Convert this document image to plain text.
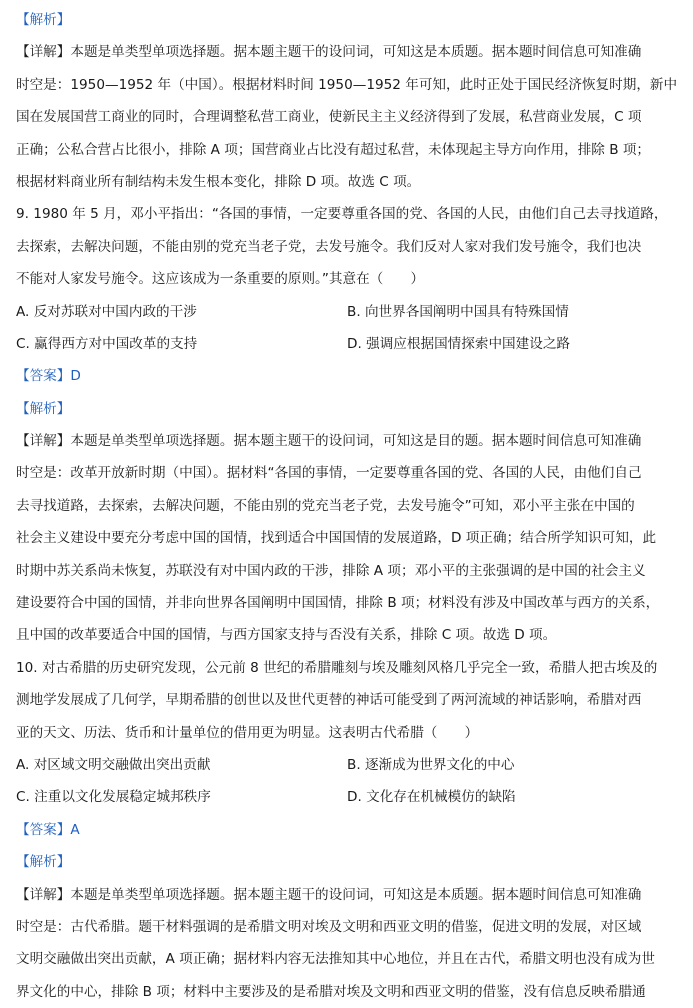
【解析】
【详解】本题是单类型单项选择题。据本题主题干的设问词，可知这是本质题。据本题时间信息可知准确
时空是：1950—1952 年（中国）。根据材料时间 1950—1952 年可知，此时正处于国民经济恢复时期，新中
国在发展国营工商业的同时，合理调整私营工商业，使新民主主义经济得到了发展，私营商业发展，C 项
正确；公私合营占比很小，排除 A 项；国营商业占比没有超过私营，未体现起主导方向作用，排除 B 项；
根据材料商业所有制结构未发生根本变化，排除 D 项。故选 C 项。
9. 1980 年 5 月，邓小平指出：“各国的事情，一定要尊重各国的党、各国的人民，由他们自己去寻找道路，
去探索，去解决问题，不能由别的党充当老子党，去发号施令。我们反对人家对我们发号施令，我们也决
不能对人家发号施令。这应该成为一条重要的原则。”其意在（　　）
A. 反对苏联对中国内政的干涉	B. 向世界各国阐明中国具有特殊国情
C. 赢得西方对中国改革的支持	D. 强调应根据国情探索中国建设之路
【答案】D
【解析】
【详解】本题是单类型单项选择题。据本题主题干的设问词，可知这是目的题。据本题时间信息可知准确
时空是：改革开放新时期（中国）。据材料“各国的事情，一定要尊重各国的党、各国的人民，由他们自己
去寻找道路，去探索，去解决问题，不能由别的党充当老子党，去发号施令”可知，邓小平主张在中国的
社会主义建设中要充分考虑中国的国情，找到适合中国国情的发展道路，D 项正确；结合所学知识可知，此
时期中苏关系尚未恢复，苏联没有对中国内政的干涉，排除 A 项；邓小平的主张强调的是中国的社会主义
建设要符合中国的国情，并非向世界各国阐明中国国情，排除 B 项；材料没有涉及中国改革与西方的关系，
且中国的改革要适合中国的国情，与西方国家支持与否没有关系，排除 C 项。故选 D 项。
10. 对古希腊的历史研究发现，公元前 8 世纪的希腊雕刻与埃及雕刻风格几乎完全一致，希腊人把古埃及的
测地学发展成了几何学，早期希腊的创世以及世代更替的神话可能受到了两河流域的神话影响，希腊对西
亚的天文、历法、货币和计量单位的借用更为明显。这表明古代希腊（　　）
A. 对区域文明交融做出突出贡献	B. 逐渐成为世界文化的中心
C. 注重以文化发展稳定城邦秩序	D. 文化存在机械模仿的缺陷
【答案】A
【解析】
【详解】本题是单类型单项选择题。据本题主题干的设问词，可知这是本质题。据本题时间信息可知准确
时空是：古代希腊。题干材料强调的是希腊文明对埃及文明和西亚文明的借鉴，促进文明的发展，对区域
文明交融做出突出贡献，A 项正确；据材料内容无法推知其中心地位，并且在古代，希腊文明也没有成为世
界文化的中心，排除 B 项；材料中主要涉及的是希腊对埃及文明和西亚文明的借鉴，没有信息反映希腊通
